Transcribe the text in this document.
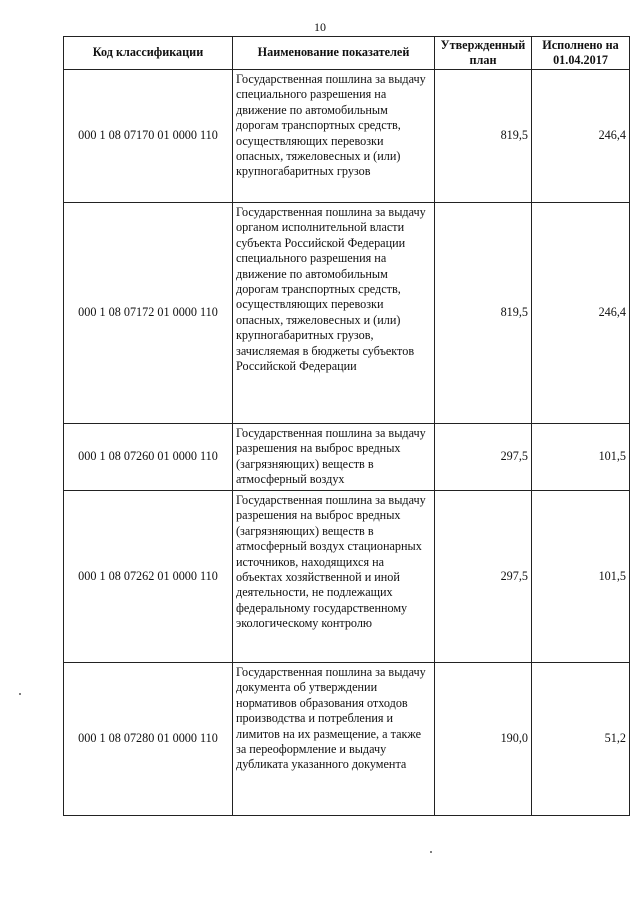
10
Код классификации	Наименование показателей	Утвержденный план	Исполнено на 01.04.2017
000 1 08 07170 01 0000 110	Государственная пошлина за выдачу специального разрешения на движение по автомобильным дорогам транспортных средств, осуществляющих перевозки опасных, тяжеловесных и (или) крупногабаритных грузов	819,5	246,4
000 1 08 07172 01 0000 110	Государственная пошлина за выдачу органом исполнительной власти субъекта Российской Федерации специального разрешения на движение по автомобильным дорогам транспортных средств, осуществляющих перевозки опасных, тяжеловесных и (или) крупногабаритных грузов, зачисляемая в бюджеты субъектов Российской Федерации	819,5	246,4
000 1 08 07260 01 0000 110	Государственная пошлина за выдачу разрешения на выброс вредных (загрязняющих) веществ в атмосферный воздух	297,5	101,5
000 1 08 07262 01 0000 110	Государственная пошлина за выдачу разрешения на выброс вредных (загрязняющих) веществ в атмосферный воздух стационарных источников, находящихся на объектах хозяйственной и иной деятельности, не подлежащих федеральному государственному экологическому контролю	297,5	101,5
000 1 08 07280 01 0000 110	Государственная пошлина за выдачу документа об утверждении нормативов образования отходов производства и потребления и лимитов на их размещение, а также за переоформление и выдачу дубликата указанного документа	190,0	51,2
